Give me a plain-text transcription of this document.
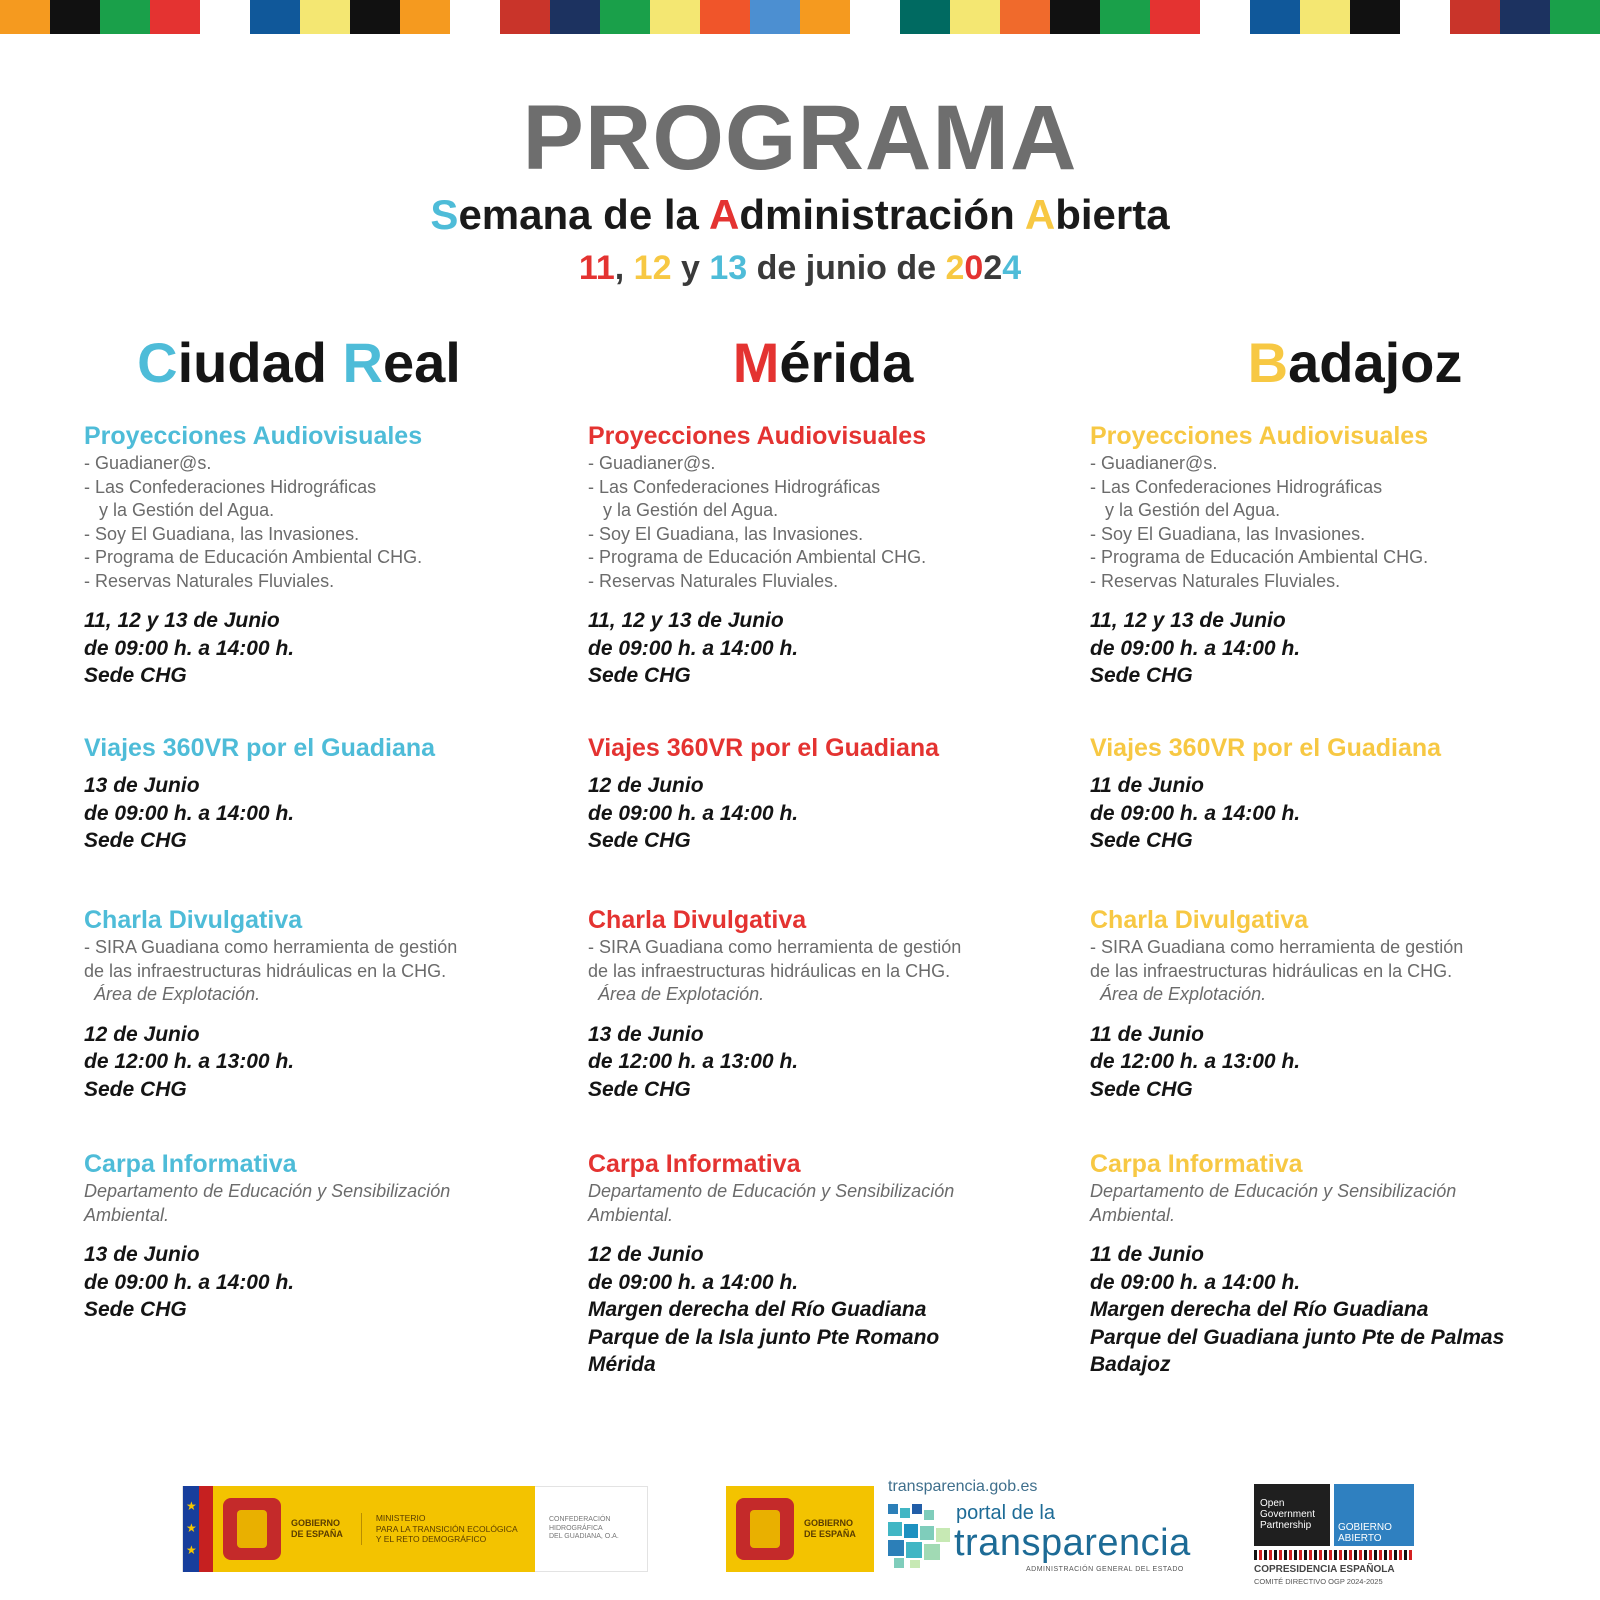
PROGRAMA
Semana de la Administración Abierta
11, 12 y 13 de junio de 2024
Ciudad Real
Proyecciones Audiovisuales
- Guadianer@s.
- Las Confederaciones Hidrográficas
y la Gestión del Agua.
- Soy El Guadiana, las Invasiones.
- Programa de Educación Ambiental CHG.
- Reservas Naturales Fluviales.
11, 12 y 13 de Junio
de 09:00 h. a 14:00 h.
Sede CHG
Viajes 360VR por el Guadiana
13 de Junio
de 09:00 h. a 14:00 h.
Sede CHG
Charla Divulgativa
- SIRA Guadiana como herramienta de gestión
de las infraestructuras hidráulicas en la CHG.
Área de Explotación.
12 de Junio
de 12:00 h. a 13:00 h.
Sede CHG
Carpa Informativa
Departamento de Educación y Sensibilización
Ambiental.
13 de Junio
de 09:00 h. a 14:00 h.
Sede CHG
Mérida
Proyecciones Audiovisuales
- Guadianer@s.
- Las Confederaciones Hidrográficas
y la Gestión del Agua.
- Soy El Guadiana, las Invasiones.
- Programa de Educación Ambiental CHG.
- Reservas Naturales Fluviales.
11, 12 y 13 de Junio
de 09:00 h. a 14:00 h.
Sede CHG
Viajes 360VR por el Guadiana
12 de Junio
de 09:00 h. a 14:00 h.
Sede CHG
Charla Divulgativa
- SIRA Guadiana como herramienta de gestión
de las infraestructuras hidráulicas en la CHG.
Área de Explotación.
13 de Junio
de 12:00 h. a 13:00 h.
Sede CHG
Carpa Informativa
Departamento de Educación y Sensibilización
Ambiental.
12 de Junio
de 09:00 h. a 14:00 h.
Margen derecha del Río Guadiana
Parque de la Isla junto Pte Romano
Mérida
Badajoz
Proyecciones Audiovisuales
- Guadianer@s.
- Las Confederaciones Hidrográficas
y la Gestión del Agua.
- Soy El Guadiana, las Invasiones.
- Programa de Educación Ambiental CHG.
- Reservas Naturales Fluviales.
11, 12 y 13 de Junio
de 09:00 h. a 14:00 h.
Sede CHG
Viajes 360VR por el Guadiana
11 de Junio
de 09:00 h. a 14:00 h.
Sede CHG
Charla Divulgativa
- SIRA Guadiana como herramienta de gestión
de las infraestructuras hidráulicas en la CHG.
Área de Explotación.
11 de Junio
de 12:00 h. a 13:00 h.
Sede CHG
Carpa Informativa
Departamento de Educación y Sensibilización
Ambiental.
11 de Junio
de 09:00 h. a 14:00 h.
Margen derecha del Río Guadiana
Parque del Guadiana junto Pte de Palmas
Badajoz
★
★
★
GOBIERNO
DE ESPAÑA
MINISTERIO
PARA LA TRANSICIÓN ECOLÓGICA
Y EL RETO DEMOGRÁFICO
CONFEDERACIÓN
HIDROGRÁFICA
DEL GUADIANA, O.A.
GOBIERNO
DE ESPAÑA
transparencia.gob.es
portal de la
transparencia
ADMINISTRACIÓN GENERAL DEL ESTADO
Open
Government
Partnership	GOBIERNO
ABIERTO
COPRESIDENCIA ESPAÑOLA
COMITÉ DIRECTIVO OGP 2024-2025
